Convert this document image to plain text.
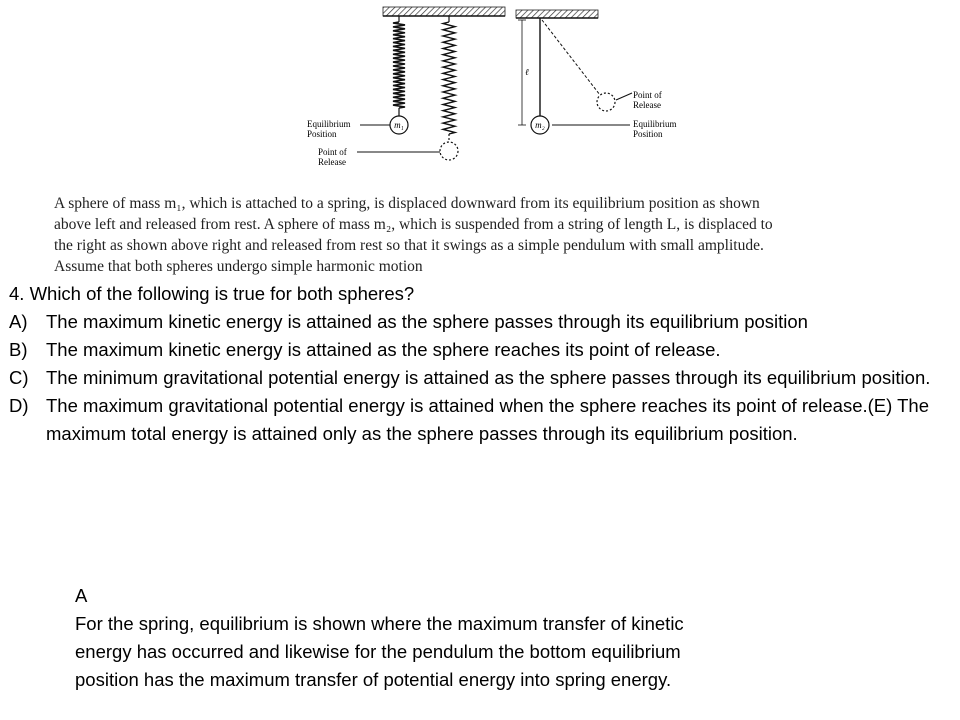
m₁
Equilibrium
Position
Point of
Release
m₂
ℓ
Point of
Release
Equilibrium
Position

A sphere of mass m₁, which is attached to a spring, is displaced downward from its equilibrium position as shown

above left and released from rest. A sphere of mass m₂, which is suspended from a string of length L, is displaced to

the right as shown above right and released from rest so that it swings as a simple pendulum with small amplitude.

Assume that both spheres undergo simple harmonic motion

4. Which of the following is true for both spheres?

A)	The maximum kinetic energy is attained as the sphere passes through its equilibrium position
B)	The maximum kinetic energy is attained as the sphere reaches its point of release.
C) The minimum gravitational potential energy is attained as the sphere passes through its equilibrium position.
D) The maximum gravitational potential energy is attained when the sphere reaches its point of release.(E) The maximum total energy is attained only as the sphere passes through its equilibrium position.

A

For the spring, equilibrium is shown where the maximum transfer of kinetic

energy has occurred and likewise for the pendulum the bottom equilibrium

position has the maximum transfer of potential energy into spring energy.
